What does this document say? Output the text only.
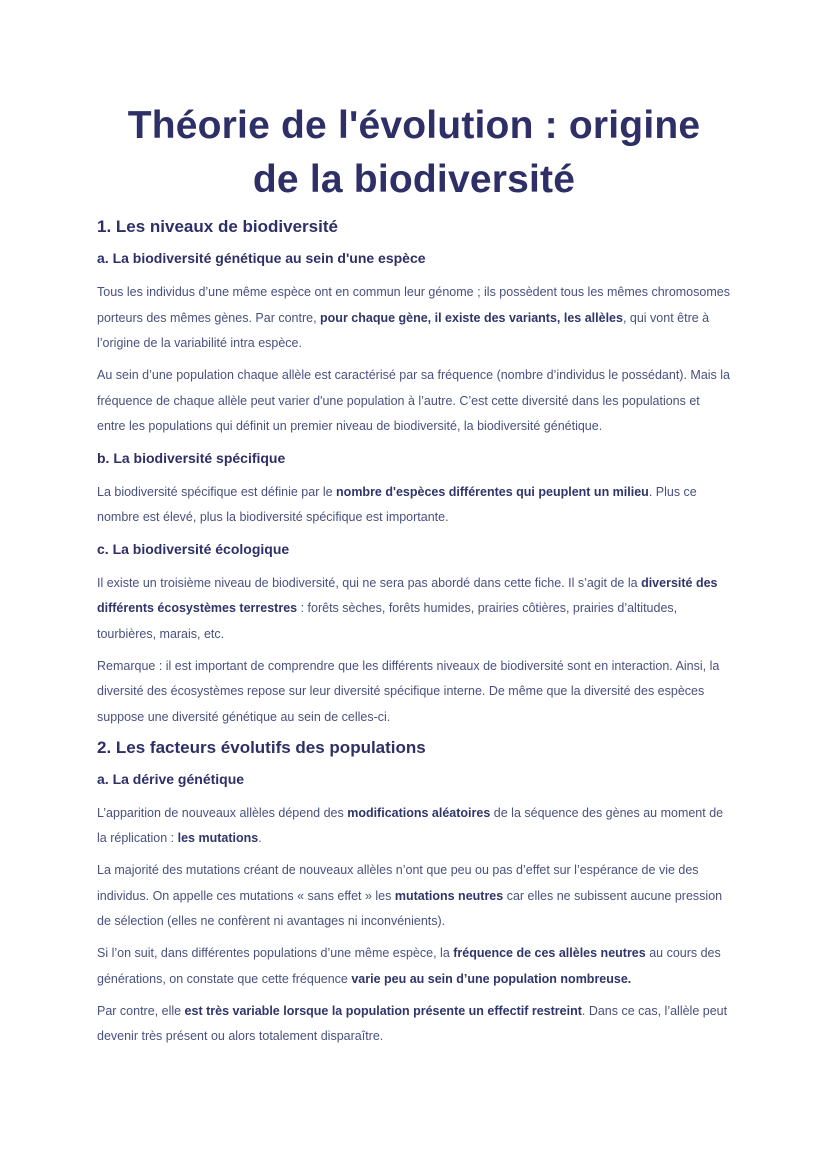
Théorie de l'évolution : origine de la biodiversité
1. Les niveaux de biodiversité
a. La biodiversité génétique au sein d'une espèce

Tous les individus d’une même espèce ont en commun leur génome ; ils possèdent tous les mêmes chromosomes porteurs des mêmes gènes. Par contre, pour chaque gène, il existe des variants, les allèles, qui vont être à l’origine de la variabilité intra espèce.

Au sein d’une population chaque allèle est caractérisé par sa fréquence (nombre d’individus le possédant). Mais la fréquence de chaque allèle peut varier d'une population à l’autre. C’est cette diversité dans les populations et entre les populations qui définit un premier niveau de biodiversité, la biodiversité génétique.

b. La biodiversité spécifique

La biodiversité spécifique est définie par le nombre d'espèces différentes qui peuplent un milieu. Plus ce nombre est élevé, plus la biodiversité spécifique est importante.

c. La biodiversité écologique

Il existe un troisième niveau de biodiversité, qui ne sera pas abordé dans cette fiche. Il s’agit de la diversité des différents écosystèmes terrestres : forêts sèches, forêts humides, prairies côtières, prairies d’altitudes, tourbières, marais, etc.

Remarque : il est important de comprendre que les différents niveaux de biodiversité sont en interaction. Ainsi, la diversité des écosystèmes repose sur leur diversité spécifique interne. De même que la diversité des espèces suppose une diversité génétique au sein de celles-ci.

2. Les facteurs évolutifs des populations
a. La dérive génétique

L’apparition de nouveaux allèles dépend des modifications aléatoires de la séquence des gènes au moment de la réplication : les mutations.

La majorité des mutations créant de nouveaux allèles n’ont que peu ou pas d’effet sur l’espérance de vie des individus. On appelle ces mutations « sans effet » les mutations neutres car elles ne subissent aucune pression de sélection (elles ne confèrent ni avantages ni inconvénients).

Si l’on suit, dans différentes populations d’une même espèce, la fréquence de ces allèles neutres au cours des générations, on constate que cette fréquence varie peu au sein d’une population nombreuse.

Par contre, elle est très variable lorsque la population présente un effectif restreint. Dans ce cas, l’allèle peut devenir très présent ou alors totalement disparaître.
